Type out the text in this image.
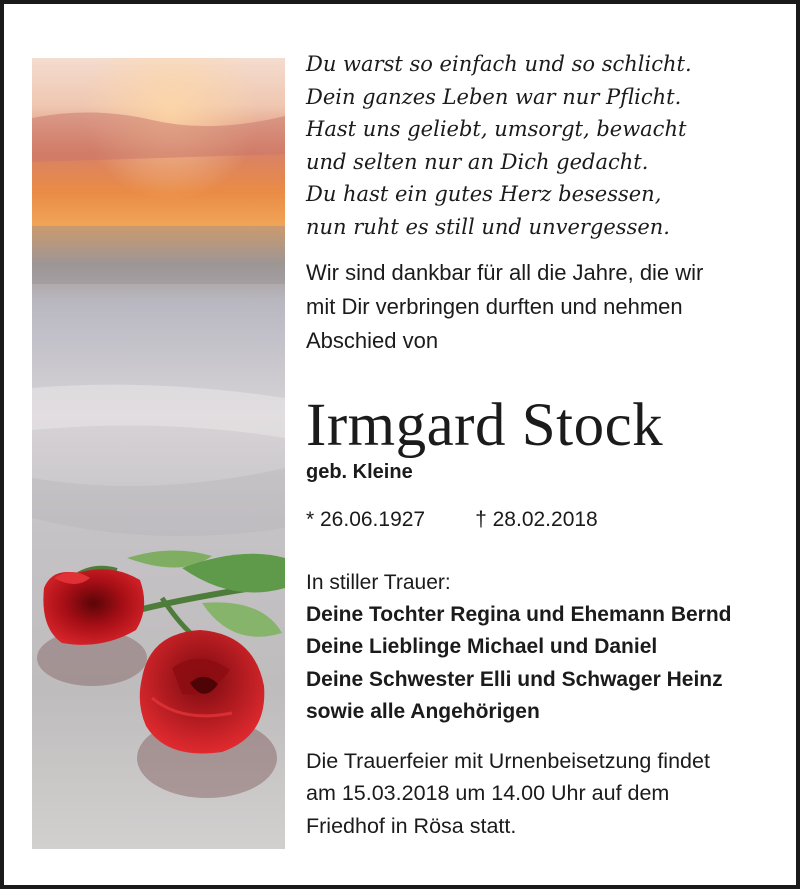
Du warst so einfach und so schlicht.
Dein ganzes Leben war nur Pflicht.
Hast uns geliebt, umsorgt, bewacht
und selten nur an Dich gedacht.
Du hast ein gutes Herz besessen,
nun ruht es still und unvergessen.
Wir sind dankbar für all die Jahre, die wir
mit Dir verbringen durften und nehmen
Abschied von
Irmgard Stock
geb. Kleine
* 26.06.1927 † 28.02.2018
In stiller Trauer:
Deine Tochter Regina und Ehemann Bernd
Deine Lieblinge Michael und Daniel
Deine Schwester Elli und Schwager Heinz
sowie alle Angehörigen
Die Trauerfeier mit Urnenbeisetzung findet
am 15.03.2018 um 14.00 Uhr auf dem
Friedhof in Rösa statt.
